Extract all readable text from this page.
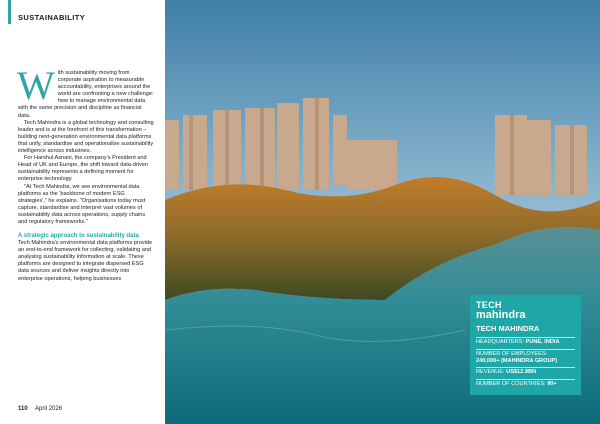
SUSTAINABILITY
W ith sustainability moving from corporate aspiration to measurable accountability, enterprises around the world are confronting a new challenge: how to manage environmental data with the same precision and discipline as financial data.

Tech Mahindra is a global technology and consulting leader and is at the forefront of this transformation – building next-generation environmental data platforms that unify, standardise and operationalise sustainability intelligence across industries.

For Harshul Asnani, the company's President and Head of UK and Europe, the shift toward data-driven sustainability represents a defining moment for enterprise technology.

"At Tech Mahindra, we see environmental data platforms as the 'backbone of modern ESG strategies'," he explains. "Organisations today must capture, standardise and interpret vast volumes of sustainability data across operations, supply chains and regulatory frameworks."

A strategic approach to sustainability data

Tech Mahindra's environmental data platforms provide an end-to-end framework for collecting, validating and analysing sustainability information at scale. These platforms are designed to integrate dispersed ESG data sources and deliver insights directly into enterprise operations, helping businesses

110 April 2026
TECH
mahindra
TECH MAHINDRA
HEADQUARTERS: PUNE, INDIA
NUMBER OF EMPLOYEES:
240,000+ (MAHINDRA GROUP)
REVENUE: US$12.9BN
NUMBER OF COUNTRIES: 90+
